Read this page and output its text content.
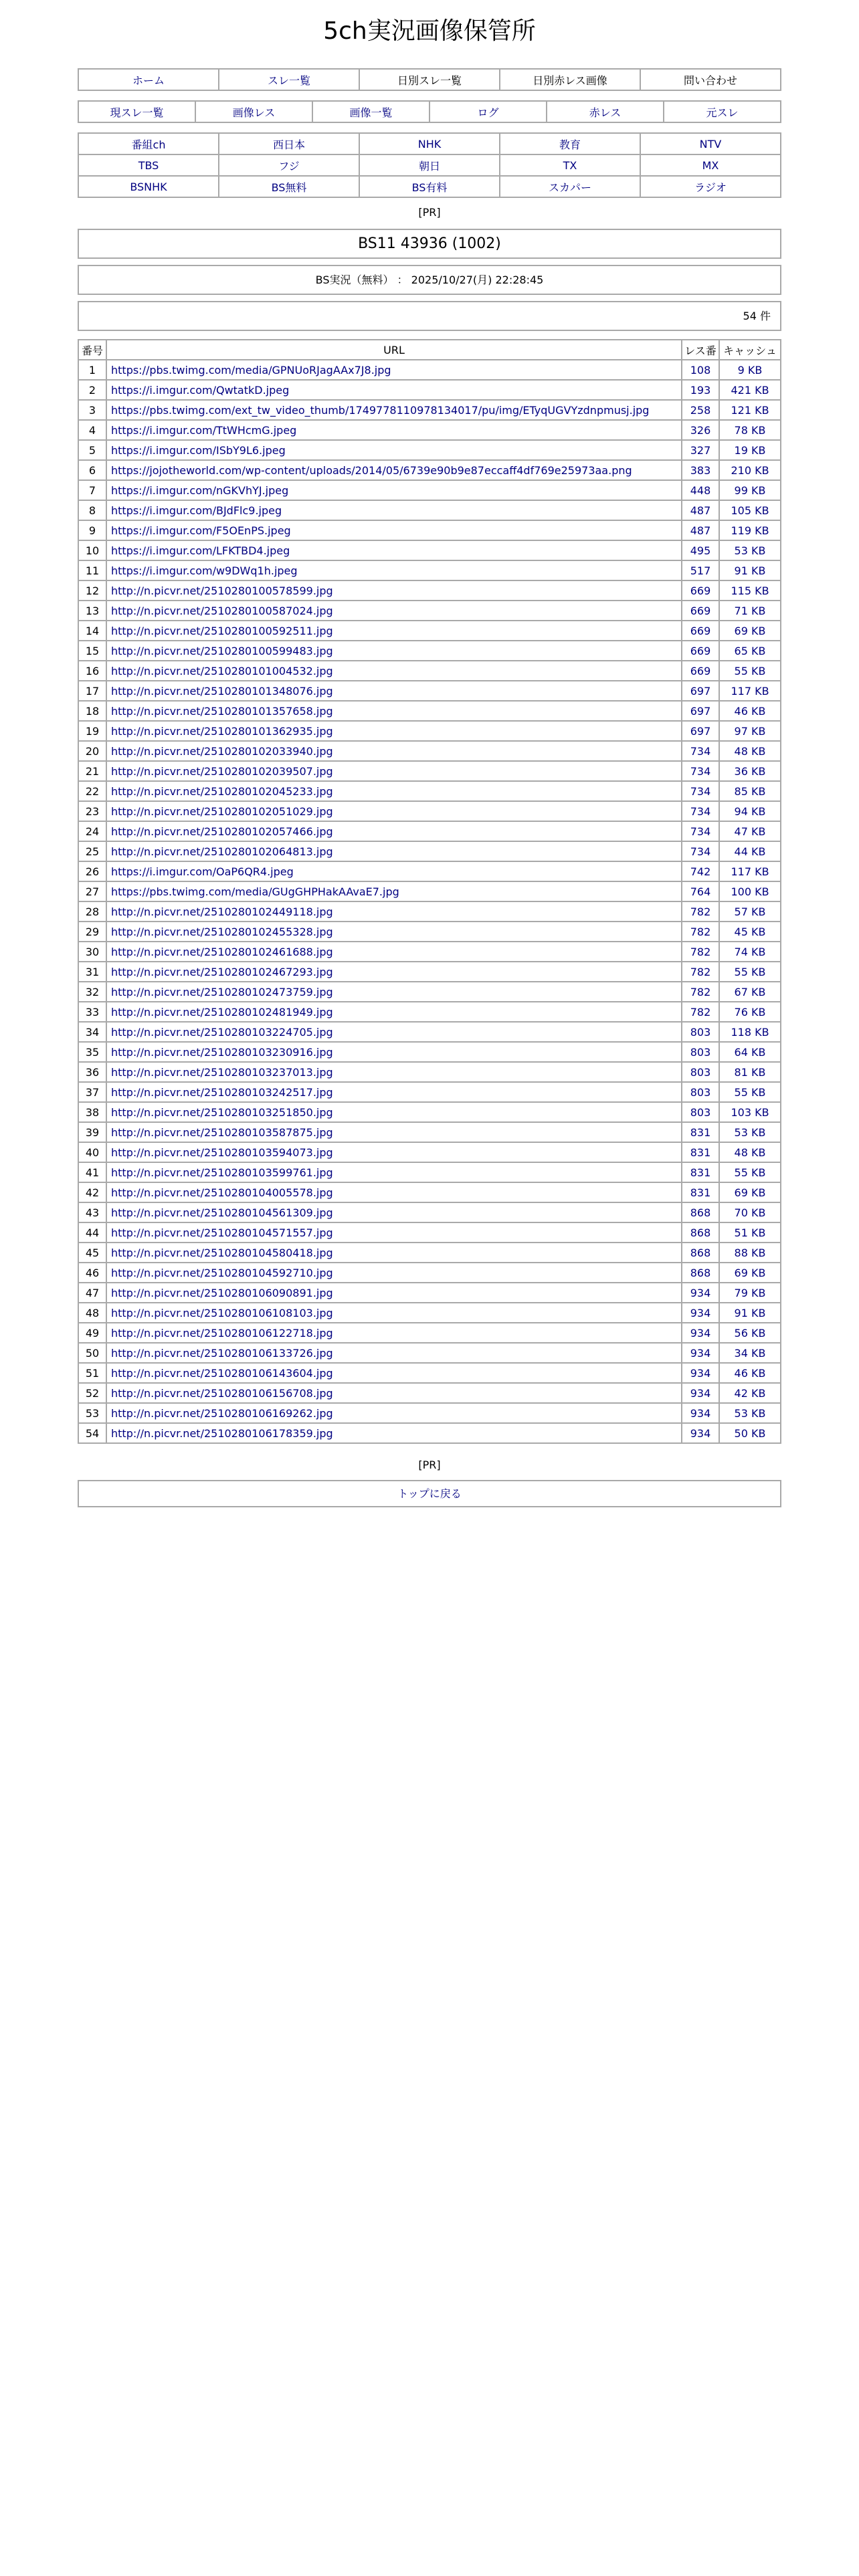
5ch実況画像保管所
ホーム	スレ一覧	日別スレ一覧	日別赤レス画像	問い合わせ
現スレ一覧	画像レス	画像一覧	ログ	赤レス	元スレ
番組ch	西日本	NHK	教育	NTV
TBS	フジ	朝日	TX	MX
BSNHK	BS無料	BS有料	スカパー	ラジオ
[PR]
BS11 43936 (1002)
BS実況（無料） ： 2025/10/27(月) 22:28:45
54 件
番号	URL	レス番	キャッシュ
1	https://pbs.twimg.com/media/GPNUoRJagAAx7J8.jpg	108	9 KB
2	https://i.imgur.com/QwtatkD.jpeg	193	421 KB
3	https://pbs.twimg.com/ext_tw_video_thumb/1749778110978134017/pu/img/ETyqUGVYzdnpmusj.jpg	258	121 KB
4	https://i.imgur.com/TtWHcmG.jpeg	326	78 KB
5	https://i.imgur.com/ISbY9L6.jpeg	327	19 KB
6	https://jojotheworld.com/wp-content/uploads/2014/05/6739e90b9e87eccaff4df769e25973aa.png	383	210 KB
7	https://i.imgur.com/nGKVhYJ.jpeg	448	99 KB
8	https://i.imgur.com/BJdFlc9.jpeg	487	105 KB
9	https://i.imgur.com/F5OEnPS.jpeg	487	119 KB
10	https://i.imgur.com/LFKTBD4.jpeg	495	53 KB
11	https://i.imgur.com/w9DWq1h.jpeg	517	91 KB
12	http://n.picvr.net/2510280100578599.jpg	669	115 KB
13	http://n.picvr.net/2510280100587024.jpg	669	71 KB
14	http://n.picvr.net/2510280100592511.jpg	669	69 KB
15	http://n.picvr.net/2510280100599483.jpg	669	65 KB
16	http://n.picvr.net/2510280101004532.jpg	669	55 KB
17	http://n.picvr.net/2510280101348076.jpg	697	117 KB
18	http://n.picvr.net/2510280101357658.jpg	697	46 KB
19	http://n.picvr.net/2510280101362935.jpg	697	97 KB
20	http://n.picvr.net/2510280102033940.jpg	734	48 KB
21	http://n.picvr.net/2510280102039507.jpg	734	36 KB
22	http://n.picvr.net/2510280102045233.jpg	734	85 KB
23	http://n.picvr.net/2510280102051029.jpg	734	94 KB
24	http://n.picvr.net/2510280102057466.jpg	734	47 KB
25	http://n.picvr.net/2510280102064813.jpg	734	44 KB
26	https://i.imgur.com/OaP6QR4.jpeg	742	117 KB
27	https://pbs.twimg.com/media/GUgGHPHakAAvaE7.jpg	764	100 KB
28	http://n.picvr.net/2510280102449118.jpg	782	57 KB
29	http://n.picvr.net/2510280102455328.jpg	782	45 KB
30	http://n.picvr.net/2510280102461688.jpg	782	74 KB
31	http://n.picvr.net/2510280102467293.jpg	782	55 KB
32	http://n.picvr.net/2510280102473759.jpg	782	67 KB
33	http://n.picvr.net/2510280102481949.jpg	782	76 KB
34	http://n.picvr.net/2510280103224705.jpg	803	118 KB
35	http://n.picvr.net/2510280103230916.jpg	803	64 KB
36	http://n.picvr.net/2510280103237013.jpg	803	81 KB
37	http://n.picvr.net/2510280103242517.jpg	803	55 KB
38	http://n.picvr.net/2510280103251850.jpg	803	103 KB
39	http://n.picvr.net/2510280103587875.jpg	831	53 KB
40	http://n.picvr.net/2510280103594073.jpg	831	48 KB
41	http://n.picvr.net/2510280103599761.jpg	831	55 KB
42	http://n.picvr.net/2510280104005578.jpg	831	69 KB
43	http://n.picvr.net/2510280104561309.jpg	868	70 KB
44	http://n.picvr.net/2510280104571557.jpg	868	51 KB
45	http://n.picvr.net/2510280104580418.jpg	868	88 KB
46	http://n.picvr.net/2510280104592710.jpg	868	69 KB
47	http://n.picvr.net/2510280106090891.jpg	934	79 KB
48	http://n.picvr.net/2510280106108103.jpg	934	91 KB
49	http://n.picvr.net/2510280106122718.jpg	934	56 KB
50	http://n.picvr.net/2510280106133726.jpg	934	34 KB
51	http://n.picvr.net/2510280106143604.jpg	934	46 KB
52	http://n.picvr.net/2510280106156708.jpg	934	42 KB
53	http://n.picvr.net/2510280106169262.jpg	934	53 KB
54	http://n.picvr.net/2510280106178359.jpg	934	50 KB
[PR]
トップに戻る
